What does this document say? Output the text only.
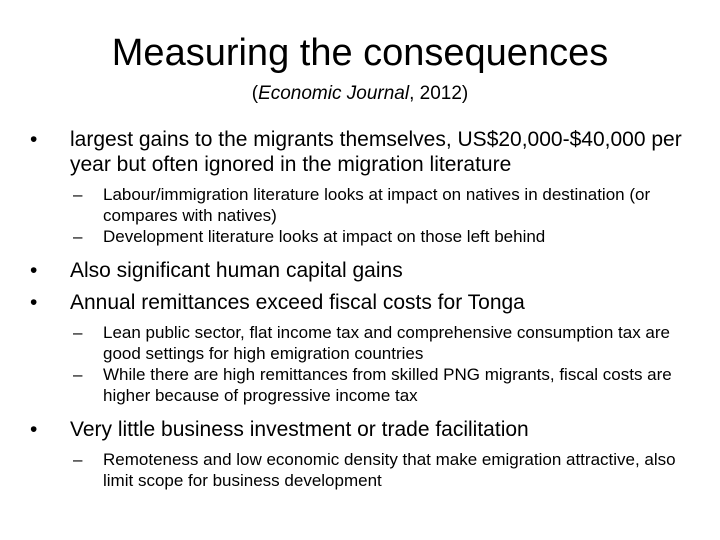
Measuring the consequences
(Economic Journal, 2012)
• largest gains to the migrants themselves, US$20,000-$40,000 per year but often ignored in the migration literature
– Labour/immigration literature looks at impact on natives in destination (or compares with natives)
– Development literature looks at impact on those left behind
• Also significant human capital gains
• Annual remittances exceed fiscal costs for Tonga
– Lean public sector, flat income tax and comprehensive consumption tax are good settings for high emigration countries
– While there are high remittances from skilled PNG migrants, fiscal costs are higher because of progressive income tax
• Very little business investment or trade facilitation
– Remoteness and low economic density that make emigration attractive, also limit scope for business development
